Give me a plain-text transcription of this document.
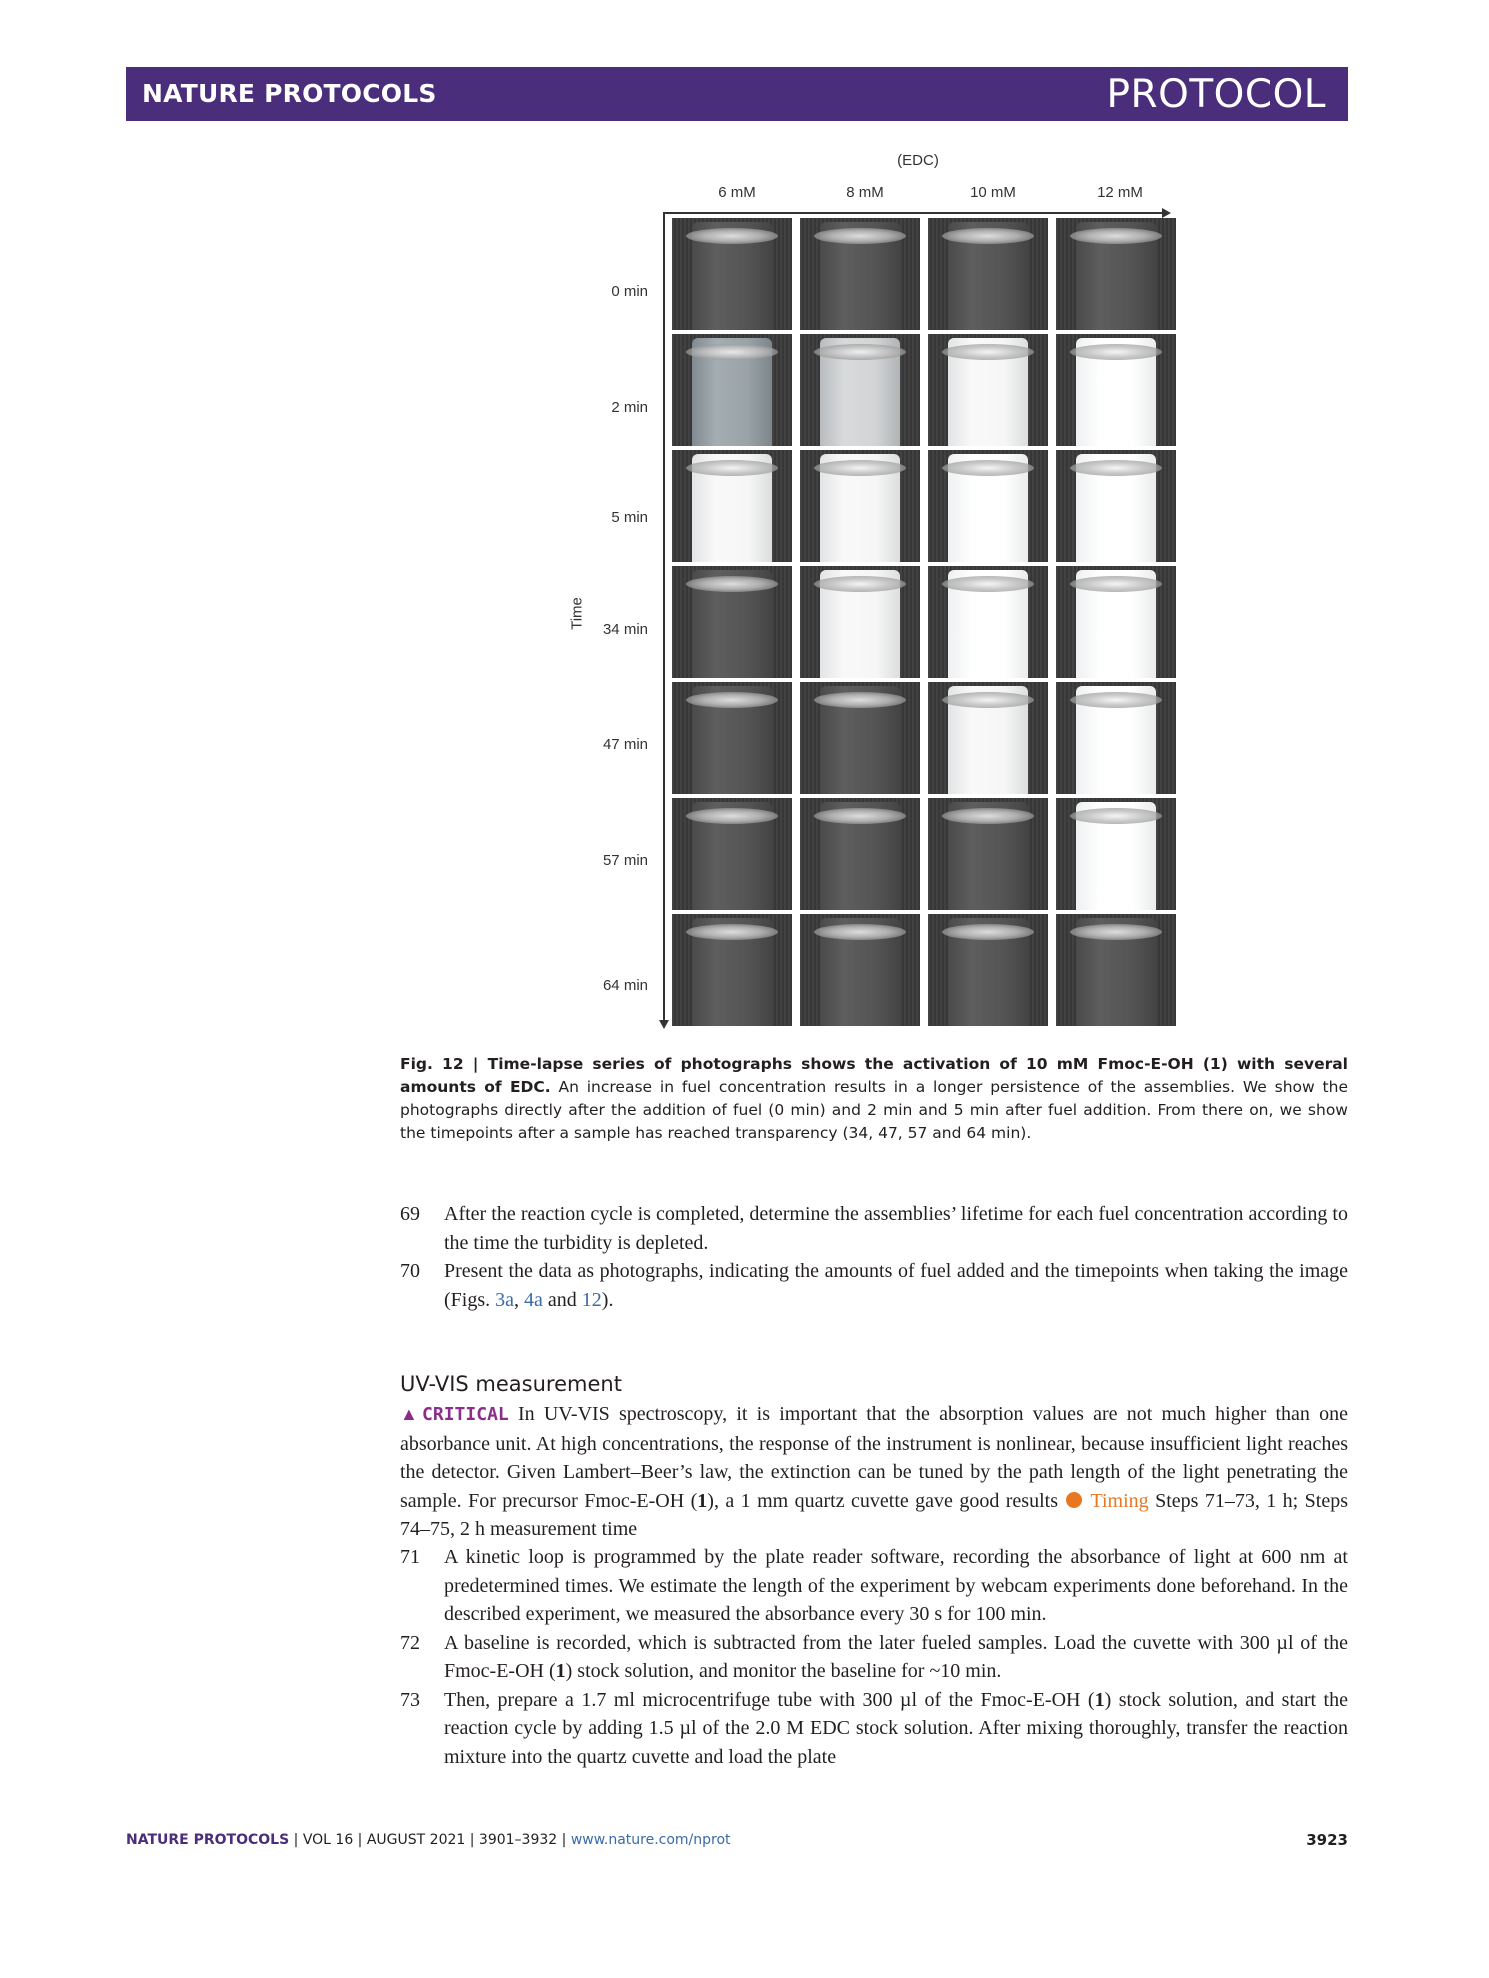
NATURE PROTOCOLS	PROTOCOL
(EDC)
6 mM	8 mM	10 mM	12 mM
Time
0 min
2 min
5 min
34 min
47 min
57 min
64 min

Fig. 12 | Time-lapse series of photographs shows the activation of 10 mM Fmoc-E-OH (1) with several amounts of EDC. An increase in fuel concentration results in a longer persistence of the assemblies. We show the photographs directly after the addition of fuel (0 min) and 2 min and 5 min after fuel addition. From there on, we show the timepoints after a sample has reached transparency (34, 47, 57 and 64 min).

69 After the reaction cycle is completed, determine the assemblies’ lifetime for each fuel concentration according to the time the turbidity is depleted.
70 Present the data as photographs, indicating the amounts of fuel added and the timepoints when taking the image (Figs. 3a, 4a and 12).
UV-VIS measurement

▲CRITICAL In UV-VIS spectroscopy, it is important that the absorption values are not much higher than one absorbance unit. At high concentrations, the response of the instrument is nonlinear, because insufficient light reaches the detector. Given Lambert–Beer’s law, the extinction can be tuned by the path length of the light penetrating the sample. For precursor Fmoc-E-OH (1), a 1 mm quartz cuvette gave good results  Timing Steps 71–73, 1 h; Steps 74–75, 2 h measurement time

71 A kinetic loop is programmed by the plate reader software, recording the absorbance of light at 600 nm at predetermined times. We estimate the length of the experiment by webcam experiments done beforehand. In the described experiment, we measured the absorbance every 30 s for 100 min.
72 A baseline is recorded, which is subtracted from the later fueled samples. Load the cuvette with 300 µl of the Fmoc-E-OH (1) stock solution, and monitor the baseline for ~10 min.
73 Then, prepare a 1.7 ml microcentrifuge tube with 300 µl of the Fmoc-E-OH (1) stock solution, and start the reaction cycle by adding 1.5 µl of the 2.0 M EDC stock solution. After mixing thoroughly, transfer the reaction mixture into the quartz cuvette and load the plate
NATURE PROTOCOLS | VOL 16 | AUGUST 2021 | 3901–3932 | www.nature.com/nprot	3923
